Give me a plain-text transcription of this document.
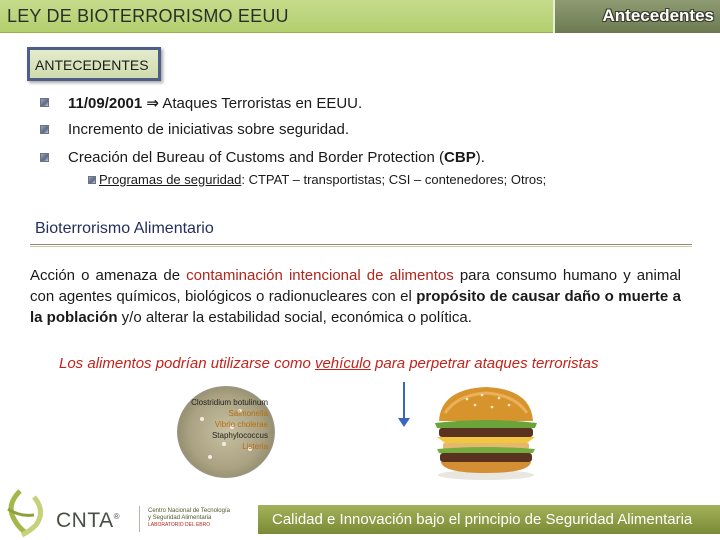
LEY DE BIOTERRORISMO EEUU	Antecedentes
ANTECEDENTES
11/09/2001 ⇒ Ataques Terroristas en EEUU.
Incremento de iniciativas sobre seguridad.
Creación del Bureau of Customs and Border Protection (CBP).
Programas de seguridad: CTPAT – transportistas; CSI – contenedores; Otros;
Bioterrorismo Alimentario
Acción o amenaza de contaminación intencional de alimentos para consumo humano y animal con agentes químicos, biológicos o radionucleares con el propósito de causar daño o muerte a la población y/o alterar la estabilidad social, económica o política.
Los alimentos podrían utilizarse como vehículo para perpetrar ataques terroristas
Clostridium botulinum
Salmonella
Vibrio cholerae
Staphylococcus
Listeria
CNTA®
Centro Nacional de Tecnología
y Seguridad Alimentaria
LABORATORIO DEL EBRO	Calidad e Innovación bajo el principio de Seguridad Alimentaria
